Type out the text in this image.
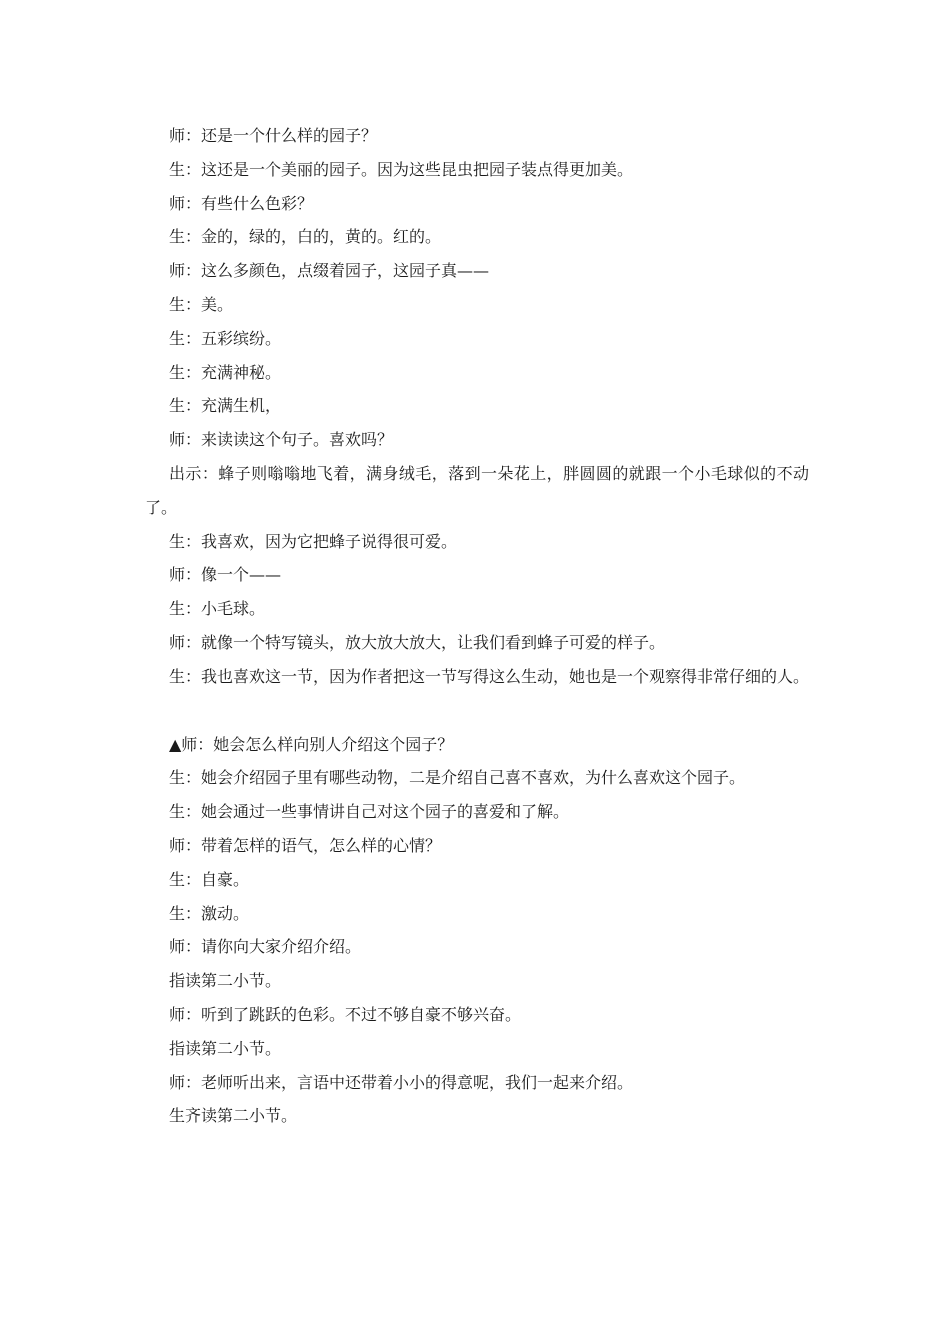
师：还是一个什么样的园子？

生：这还是一个美丽的园子。因为这些昆虫把园子装点得更加美。

师：有些什么色彩？

生：金的，绿的，白的，黄的。红的。

师：这么多颜色，点缀着园子，这园子真——

生：美。

生：五彩缤纷。

生：充满神秘。

生：充满生机，

师：来读读这个句子。喜欢吗？

出示：蜂子则嗡嗡地飞着，满身绒毛，落到一朵花上，胖圆圆的就跟一个小毛球似的不动了。

生：我喜欢，因为它把蜂子说得很可爱。

师：像一个——

生：小毛球。

师：就像一个特写镜头，放大放大放大，让我们看到蜂子可爱的样子。

生：我也喜欢这一节，因为作者把这一节写得这么生动，她也是一个观察得非常仔细的人。

▲师：她会怎么样向别人介绍这个园子？

生：她会介绍园子里有哪些动物，二是介绍自己喜不喜欢，为什么喜欢这个园子。

生：她会通过一些事情讲自己对这个园子的喜爱和了解。

师：带着怎样的语气，怎么样的心情？

生：自豪。

生：激动。

师：请你向大家介绍介绍。

指读第二小节。

师：听到了跳跃的色彩。不过不够自豪不够兴奋。

指读第二小节。

师：老师听出来，言语中还带着小小的得意呢，我们一起来介绍。

生齐读第二小节。
